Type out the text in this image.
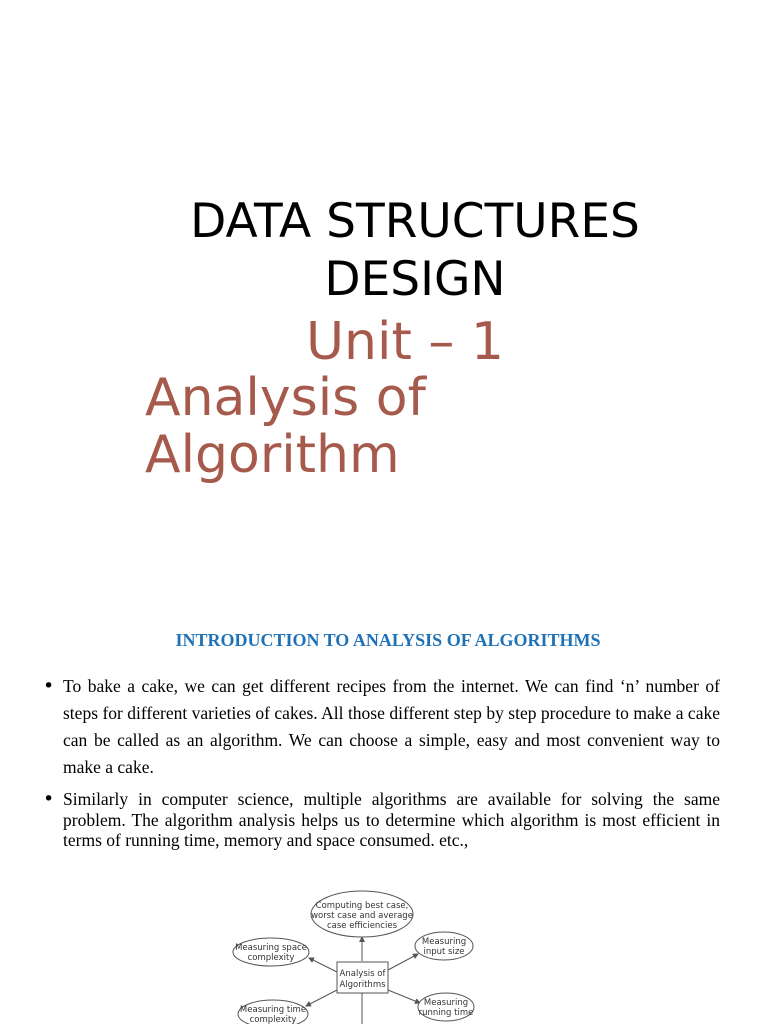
DATA STRUCTURES
DESIGN
Unit – 1
Analysis of
Algorithm
INTRODUCTION TO ANALYSIS OF ALGORITHMS
• To bake a cake, we can get different recipes from the internet. We can find ‘n’ number of steps for different varieties of cakes. All those different step by step procedure to make a cake can be called as an algorithm. We can choose a simple, easy and most convenient way to make a cake.
• Similarly in computer science, multiple algorithms are available for solving the same problem. The algorithm analysis helps us to determine which algorithm is most efficient in terms of running time, memory and space consumed. etc.,
Analysis of
Algorithms
Computing best case,
worst case and average
case efficiencies
Measuring space
complexity
Measuring
input size
Measuring time
complexity
Measuring
running time
